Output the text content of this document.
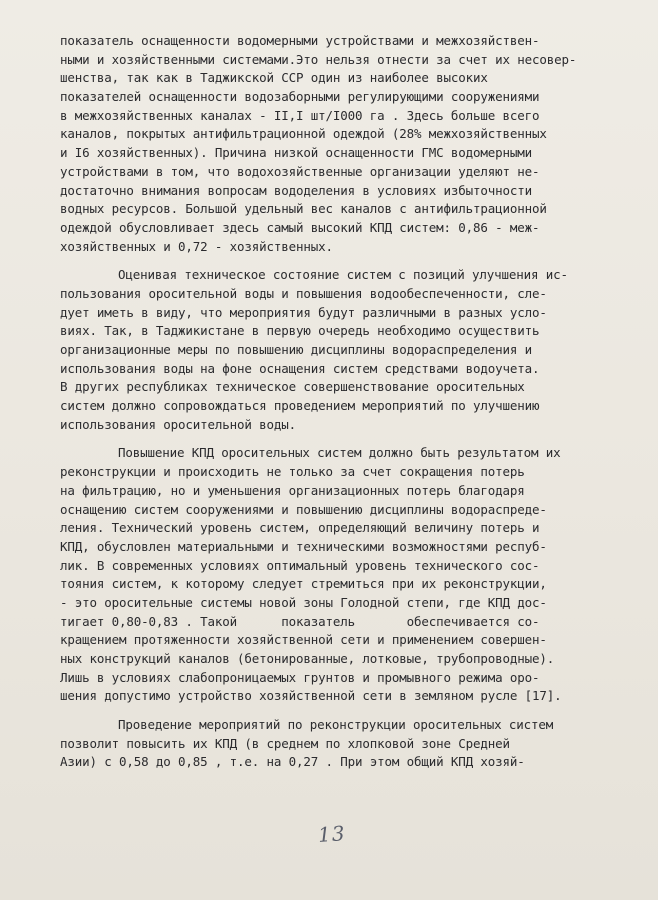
показатель оснащенности водомерными устройствами и межхозяйствен-
ными и хозяйственными системами.Это нельзя отнести за счет их несовер-
шенства, так как в Таджикской ССР один из наиболее высоких
показателей оснащенности водозаборными регулирующими сооружениями
в межхозяйственных каналах - II,I шт/I000 га . Здесь больше всего
каналов, покрытых антифильтрационной одеждой (28% межхозяйственных
и I6 хозяйственных). Причина низкой оснащенности ГМС водомерными
устройствами в том, что водохозяйственные организации уделяют не-
достаточно внимания вопросам вододеления в условиях избыточности
водных ресурсов. Большой удельный вес каналов с антифильтрационной
одеждой обусловливает здесь самый высокий КПД систем: 0,86 - меж-
хозяйственных и 0,72 - хозяйственных.
Оценивая техническое состояние систем с позиций улучшения ис-
пользования оросительной воды и повышения водообеспеченности, сле-
дует иметь в виду, что мероприятия будут различными в разных усло-
виях. Так, в Таджикистане в первую очередь необходимо осуществить
организационные меры по повышению дисциплины водораспределения и
использования воды на фоне оснащения систем средствами водоучета.
В других республиках техническое совершенствование оросительных
систем должно сопровождаться проведением мероприятий по улучшению
использования оросительной воды.
Повышение КПД оросительных систем должно быть результатом их
реконструкции и происходить не только за счет сокращения потерь
на фильтрацию, но и уменьшения организационных потерь благодаря
оснащению систем сооружениями и повышению дисциплины водораспреде-
ления. Технический уровень систем, определяющий величину потерь и
КПД, обусловлен материальными и техническими возможностями респуб-
лик. В современных условиях оптимальный уровень технического сос-
тояния систем, к которому следует стремиться при их реконструкции,
- это оросительные системы новой зоны Голодной степи, где КПД дос-
тигает 0,80-0,83 . Такой      показатель       обеспечивается со-
кращением протяженности хозяйственной сети и применением совершен-
ных конструкций каналов (бетонированные, лотковые, трубопроводные).
Лишь в условиях слабопроницаемых грунтов и промывного режима оро-
шения допустимо устройство хозяйственной сети в земляном русле [17].
Проведение мероприятий по реконструкции оросительных систем
позволит повысить их КПД (в среднем по хлопковой зоне Средней
Азии) с 0,58 до 0,85 , т.е. на 0,27 . При этом общий КПД хозяй-
13
